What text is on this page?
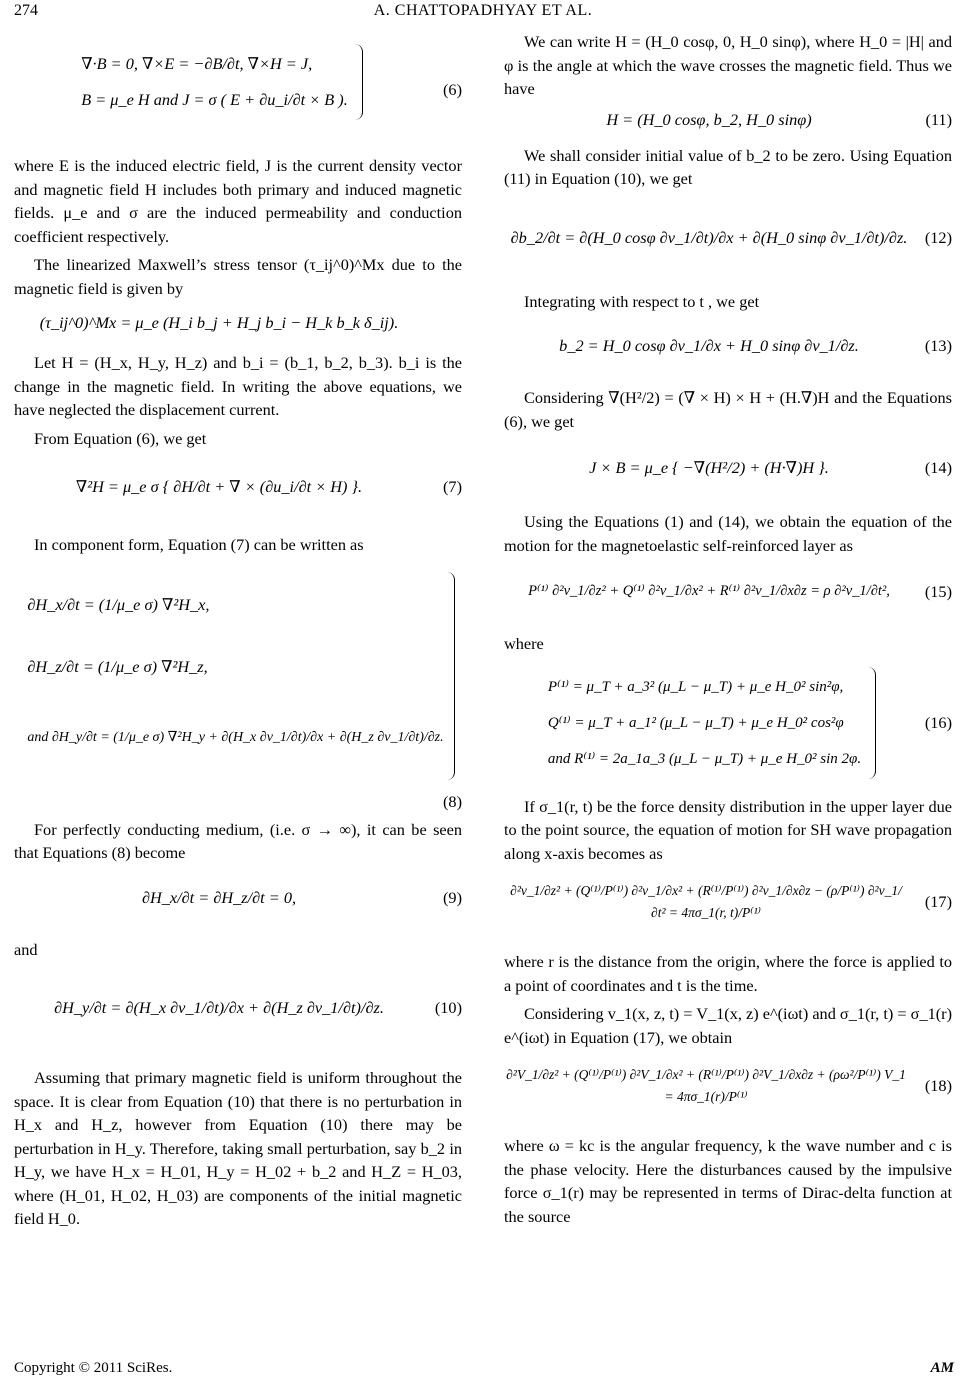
274	A. CHATTOPADHYAY ET AL.
∇·B = 0, ∇×E = −∂B/∂t, ∇×H = J,
B = μ_e H and J = σ ( E + ∂u_i/∂t × B ).
(6)

where E is the induced electric field, J is the current density vector and magnetic field H includes both primary and induced magnetic fields. μ_e and σ are the induced permeability and conduction coefficient respectively.

The linearized Maxwell’s stress tensor (τ_ij^0)^Mx due to the magnetic field is given by

(τ_ij^0)^Mx = μ_e (H_i b_j + H_j b_i − H_k b_k δ_ij).

Let H = (H_x, H_y, H_z) and b_i = (b_1, b_2, b_3). b_i is the change in the magnetic field. In writing the above equations, we have neglected the displacement current.

From Equation (6), we get

∇²H = μ_e σ { ∂H/∂t + ∇ × (∂u_i/∂t × H) }.	(7)

In component form, Equation (7) can be written as

∂H_x/∂t = (1/μ_e σ) ∇²H_x,
∂H_z/∂t = (1/μ_e σ) ∇²H_z,
and ∂H_y/∂t = (1/μ_e σ) ∇²H_y + ∂(H_x ∂v_1/∂t)/∂x + ∂(H_z ∂v_1/∂t)/∂z.
(8)

For perfectly conducting medium, (i.e. σ → ∞), it can be seen that Equations (8) become

∂H_x/∂t = ∂H_z/∂t = 0,	(9)

and

∂H_y/∂t = ∂(H_x ∂v_1/∂t)/∂x + ∂(H_z ∂v_1/∂t)/∂z.	(10)

Assuming that primary magnetic field is uniform throughout the space. It is clear from Equation (10) that there is no perturbation in H_x and H_z, however from Equation (10) there may be perturbation in H_y. Therefore, taking small perturbation, say b_2 in H_y, we have H_x = H_01, H_y = H_02 + b_2 and H_Z = H_03, where (H_01, H_02, H_03) are components of the initial magnetic field H_0.

We can write H = (H_0 cosφ, 0, H_0 sinφ), where H_0 = |H| and φ is the angle at which the wave crosses the magnetic field. Thus we have

H = (H_0 cosφ, b_2, H_0 sinφ)	(11)

We shall consider initial value of b_2 to be zero. Using Equation (11) in Equation (10), we get

∂b_2/∂t = ∂(H_0 cosφ ∂v_1/∂t)/∂x + ∂(H_0 sinφ ∂v_1/∂t)/∂z.	(12)

Integrating with respect to t , we get

b_2 = H_0 cosφ ∂v_1/∂x + H_0 sinφ ∂v_1/∂z.	(13)

Considering ∇(H²/2) = (∇ × H) × H + (H.∇)H and the Equations (6), we get

J × B = μ_e { −∇(H²/2) + (H·∇)H }.	(14)

Using the Equations (1) and (14), we obtain the equation of the motion for the magnetoelastic self-reinforced layer as

P⁽¹⁾ ∂²v_1/∂z² + Q⁽¹⁾ ∂²v_1/∂x² + R⁽¹⁾ ∂²v_1/∂x∂z = ρ ∂²v_1/∂t²,	(15)

where

P⁽¹⁾ = μ_T + a_3² (μ_L − μ_T) + μ_e H_0² sin²φ,
Q⁽¹⁾ = μ_T + a_1² (μ_L − μ_T) + μ_e H_0² cos²φ
and R⁽¹⁾ = 2a_1a_3 (μ_L − μ_T) + μ_e H_0² sin 2φ.
(16)

If σ_1(r, t) be the force density distribution in the upper layer due to the point source, the equation of motion for SH wave propagation along x-axis becomes as

∂²v_1/∂z² + (Q⁽¹⁾/P⁽¹⁾) ∂²v_1/∂x² + (R⁽¹⁾/P⁽¹⁾) ∂²v_1/∂x∂z − (ρ/P⁽¹⁾) ∂²v_1/∂t² = 4πσ_1(r, t)/P⁽¹⁾
(17)

where r is the distance from the origin, where the force is applied to a point of coordinates and t is the time.

Considering v_1(x, z, t) = V_1(x, z) e^(iωt) and σ_1(r, t) = σ_1(r) e^(iωt) in Equation (17), we obtain

∂²V_1/∂z² + (Q⁽¹⁾/P⁽¹⁾) ∂²V_1/∂x² + (R⁽¹⁾/P⁽¹⁾) ∂²V_1/∂x∂z + (ρω²/P⁽¹⁾) V_1 = 4πσ_1(r)/P⁽¹⁾
(18)

where ω = kc is the angular frequency, k the wave number and c is the phase velocity. Here the disturbances caused by the impulsive force σ_1(r) may be represented in terms of Dirac-delta function at the source

Copyright © 2011 SciRes.	AM
